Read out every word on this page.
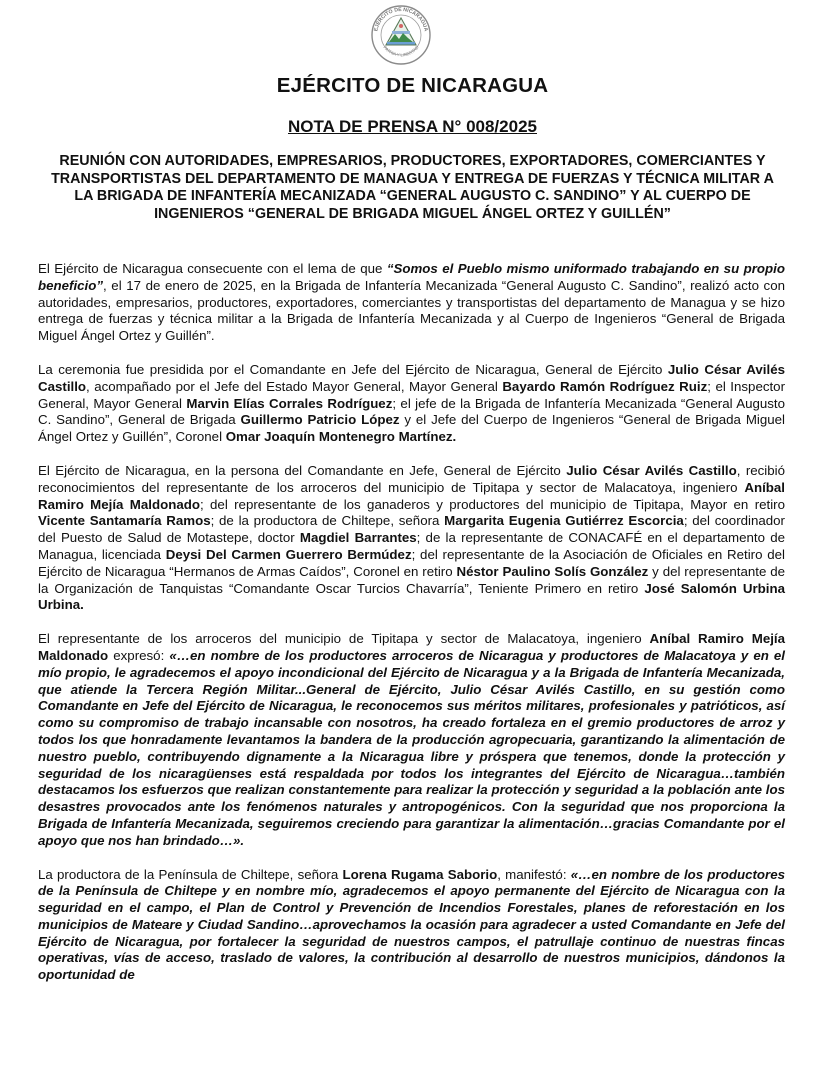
EJÉRCITO DE NICARAGUA
PATRIA Y LIBERTAD
EJÉRCITO DE NICARAGUA
NOTA DE PRENSA N° 008/2025
REUNIÓN CON AUTORIDADES, EMPRESARIOS, PRODUCTORES, EXPORTADORES, COMERCIANTES Y TRANSPORTISTAS DEL DEPARTAMENTO DE MANAGUA Y ENTREGA DE FUERZAS Y TÉCNICA MILITAR A LA BRIGADA DE INFANTERÍA MECANIZADA “GENERAL AUGUSTO C. SANDINO” Y AL CUERPO DE INGENIEROS “GENERAL DE BRIGADA MIGUEL ÁNGEL ORTEZ Y GUILLÉN”

El Ejército de Nicaragua consecuente con el lema de que “Somos el Pueblo mismo uniformado trabajando en su propio beneficio”, el 17 de enero de 2025, en la Brigada de Infantería Mecanizada “General Augusto C. Sandino”, realizó acto con autoridades, empresarios, productores, exportadores, comerciantes y transportistas del departamento de Managua y se hizo entrega de fuerzas y técnica militar a la Brigada de Infantería Mecanizada y al Cuerpo de Ingenieros “General de Brigada Miguel Ángel Ortez y Guillén”.

La ceremonia fue presidida por el Comandante en Jefe del Ejército de Nicaragua, General de Ejército Julio César Avilés Castillo, acompañado por el Jefe del Estado Mayor General, Mayor General Bayardo Ramón Rodríguez Ruiz; el Inspector General, Mayor General Marvin Elías Corrales Rodríguez; el jefe de la Brigada de Infantería Mecanizada “General Augusto C. Sandino”, General de Brigada Guillermo Patricio López y el Jefe del Cuerpo de Ingenieros “General de Brigada Miguel Ángel Ortez y Guillén”, Coronel Omar Joaquín Montenegro Martínez.

El Ejército de Nicaragua, en la persona del Comandante en Jefe, General de Ejército Julio César Avilés Castillo, recibió reconocimientos del representante de los arroceros del municipio de Tipitapa y sector de Malacatoya, ingeniero Aníbal Ramiro Mejía Maldonado; del representante de los ganaderos y productores del municipio de Tipitapa, Mayor en retiro Vicente Santamaría Ramos; de la productora de Chiltepe, señora Margarita Eugenia Gutiérrez Escorcia; del coordinador del Puesto de Salud de Motastepe, doctor Magdiel Barrantes; de la representante de CONACAFÉ en el departamento de Managua, licenciada Deysi Del Carmen Guerrero Bermúdez; del representante de la Asociación de Oficiales en Retiro del Ejército de Nicaragua “Hermanos de Armas Caídos”, Coronel en retiro Néstor Paulino Solís González y del representante de la Organización de Tanquistas “Comandante Oscar Turcios Chavarría”, Teniente Primero en retiro José Salomón Urbina Urbina.

El representante de los arroceros del municipio de Tipitapa y sector de Malacatoya, ingeniero Aníbal Ramiro Mejía Maldonado expresó: «…en nombre de los productores arroceros de Nicaragua y productores de Malacatoya y en el mío propio, le agradecemos el apoyo incondicional del Ejército de Nicaragua y a la Brigada de Infantería Mecanizada, que atiende la Tercera Región Militar...General de Ejército, Julio César Avilés Castillo, en su gestión como Comandante en Jefe del Ejército de Nicaragua, le reconocemos sus méritos militares, profesionales y patrióticos, así como su compromiso de trabajo incansable con nosotros, ha creado fortaleza en el gremio productores de arroz y todos los que honradamente levantamos la bandera de la producción agropecuaria, garantizando la alimentación de nuestro pueblo, contribuyendo dignamente a la Nicaragua libre y próspera que tenemos, donde la protección y seguridad de los nicaragüenses está respaldada por todos los integrantes del Ejército de Nicaragua…también destacamos los esfuerzos que realizan constantemente para realizar la protección y seguridad a la población ante los desastres provocados ante los fenómenos naturales y antropogénicos. Con la seguridad que nos proporciona la Brigada de Infantería Mecanizada, seguiremos creciendo para garantizar la alimentación…gracias Comandante por el apoyo que nos han brindado…».

La productora de la Península de Chiltepe, señora Lorena Rugama Saborio, manifestó: «…en nombre de los productores de la Península de Chiltepe y en nombre mío, agradecemos el apoyo permanente del Ejército de Nicaragua con la seguridad en el campo, el Plan de Control y Prevención de Incendios Forestales, planes de reforestación en los municipios de Mateare y Ciudad Sandino…aprovechamos la ocasión para agradecer a usted Comandante en Jefe del Ejército de Nicaragua, por fortalecer la seguridad de nuestros campos, el patrullaje continuo de nuestras fincas operativas, vías de acceso, traslado de valores, la contribución al desarrollo de nuestros municipios, dándonos la oportunidad de
